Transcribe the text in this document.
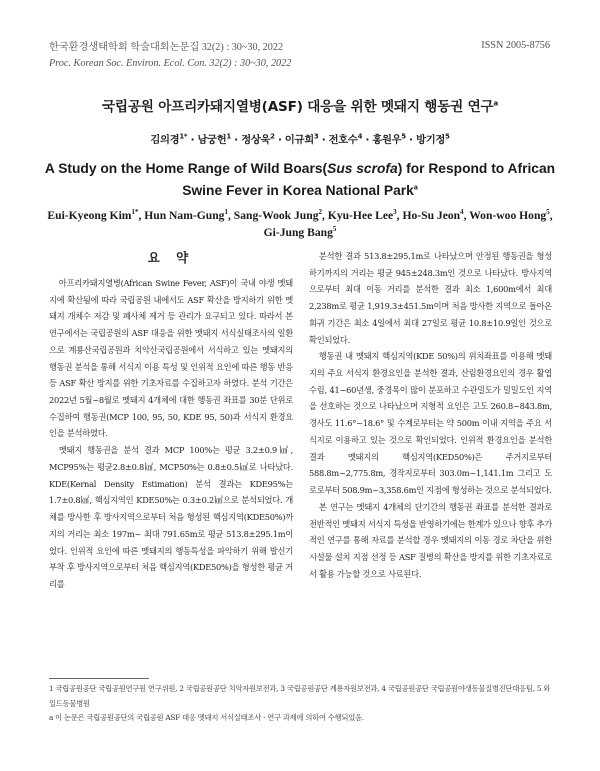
한국환경생태학회 학술대회논문집 32(2) : 30~30, 2022
Proc. Korean Soc. Environ. Ecol. Con. 32(2) : 30~30, 2022
ISSN 2005-8756
국립공원 아프리카돼지열병(ASF) 대응을 위한 멧돼지 행동권 연구$^a$
김의경$^{1*}$ · 남궁헌$^1$ · 정상욱$^2$ · 이규희$^3$ · 전호수$^4$ · 홍원우$^5$ · 방기정$^5$
A Study on the Home Range of Wild Boars(Sus scrofa) for Respond to African Swine Fever in Korea National Park$^a$
Eui-Kyeong Kim$^{1*}$, Hun Nam-Gung$^1$, Sang-Wook Jung$^2$, Kyu-Hee Lee$^3$, Ho-Su Jeon$^4$, Won-woo Hong$^5$, Gi-Jung Bang$^5$
요 약

아프리카돼지열병(African Swine Fever, ASF)이 국내 야생 멧돼지에 확산됨에 따라 국립공원 내에서도 ASF 확산을 방지하기 위한 멧돼지 개체수 저감 및 폐사체 제거 등 관리가 요구되고 있다. 따라서 본 연구에서는 국립공원의 ASF 대응을 위한 멧돼지 서식실태조사의 일환으로 계룡산국립공원과 치악산국립공원에서 서식하고 있는 멧돼지의 행동권 분석을 통해 서식지 이용 특성 및 인위적 요인에 따른 행동 반응 등 ASF 확산 방지를 위한 기초자료를 수집하고자 하였다. 분석 기간은 2022년 5월~8월로 멧돼지 4개체에 대한 행동권 좌표를 30분 단위로 수집하여 행동권(MCP 100, 95, 50, KDE 95, 50)과 서식지 환경요인을 분석하였다.

멧돼지 행동권을 분석 결과 MCP 100%는 평균 3.2±0.9㎢, MCP95%는 평균2.8±0.8㎢, MCP50%는 0.8±0.5㎢로 나타났다. KDE(Kernal Density Estimation) 분석 결과는 KDE95%는 1.7±0.8㎢, 핵심지역인 KDE50%는 0.3±0.2㎢으로 분석되었다. 개체를 방사한 후 방사지역으로부터 처음 형성된 핵심지역(KDE50%)까지의 거리는 최소 197m~ 최대 791.65m로 평균 513.8±295.1m이었다. 인위적 요인에 따른 멧돼지의 행동특성을 파악하기 위해 발신기 부착 후 방사지역으로부터 처음 핵심지역(KDE50%)을 형성한 평균 거리를

분석한 결과 513.8±295.1m로 나타났으며 안정된 행동권을 형성하기까지의 거리는 평균 945±248.3m인 것으로 나타났다. 방사지역으로부터 최대 이동 거리를 분석한 결과 최소 1,600m에서 최대 2,238m로 평균 1,919.3±451.5m이며 처음 방사한 지역으로 돌아온 회귀 기간은 최소 4일에서 최대 27일로 평균 10.8±10.9일인 것으로 확인되었다.

행동권 내 멧돼지 핵심지역(KDE 50%)의 위치좌표를 이용해 멧돼지의 주요 서식지 환경요인을 분석한 결과, 산림환경요인의 경우 활엽수림, 41~60년생, 중경목이 많이 분포하고 수관밀도가 밀밀도인 지역을 선호하는 것으로 나타났으며 지형적 요인은 고도 260.8~843.8m, 경사도 11.6°~18.6° 및 수계로부터는 약 500m 이내 지역을 주요 서식지로 이용하고 있는 것으로 확인되었다. 인위적 환경요인을 분석한 결과 멧돼지의 핵심지역(KED50%)은 주거지로부터 588.8m~2,775.8m, 경작지로부터 303.0m~1,141.1m 그리고 도로로부터 508.9m~3,358.6m인 지점에 형성하는 것으로 분석되었다.

본 연구는 멧돼지 4개체의 단기간의 행동권 좌표를 분석한 결과로 전반적인 멧돼지 서식지 특성을 반영하기에는 한계가 있으나 향후 추가적인 연구를 통해 자료를 분석할 경우 멧돼지의 이동 경로 차단을 위한 시설물 설치 지점 선정 등 ASF 질병의 확산을 방지를 위한 기초자료로서 활용 가능할 것으로 사료된다.

1 국립공원공단 국립공원연구원 연구위원, 2 국립공원공단 치악자원보전과, 3 국립공원공단 계룡자원보전과, 4 국립공원공단 국립공원야생동물질병진단대응팀, 5 와일드동물병원
a 이 논문은 국립공원공단의 국립공원 ASF 대응 멧돼지 서식실태조사 · 연구 과제에 의하여 수행되었음.
